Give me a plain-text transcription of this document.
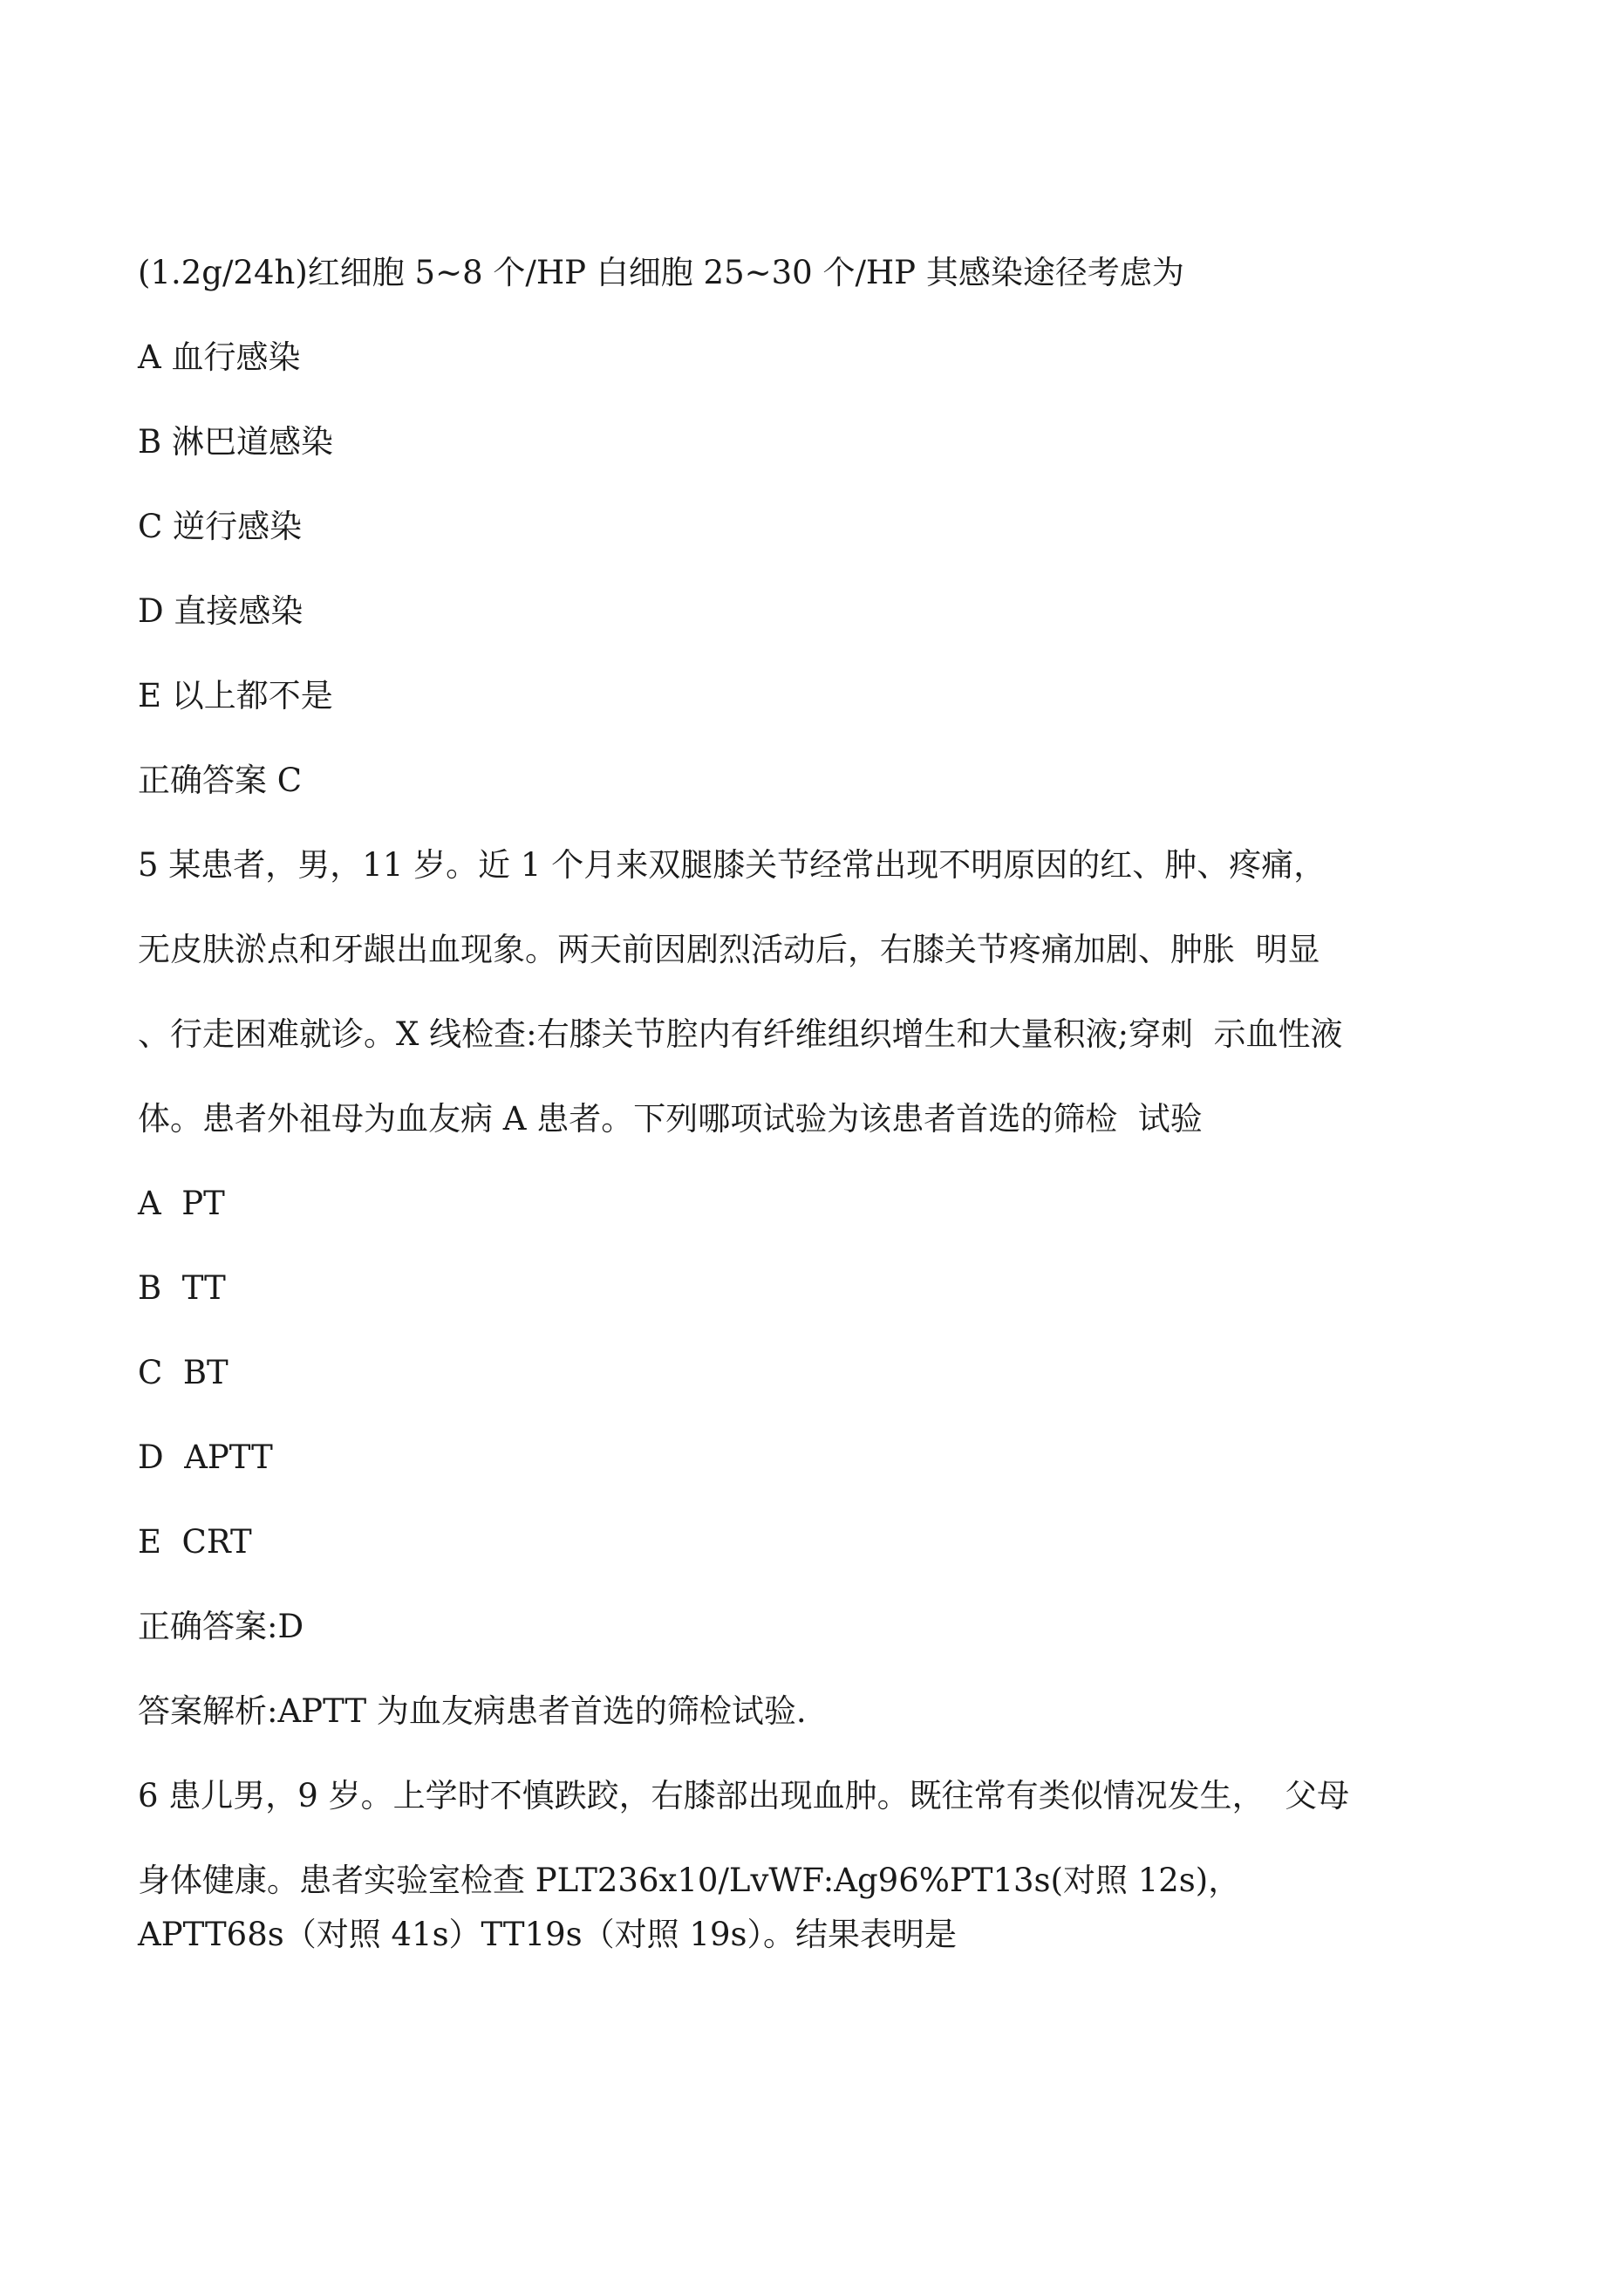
(1.2g/24h)红细胞 5~8 个/HP 白细胞 25~30 个/HP 其感染途径考虑为
A 血行感染
B 淋巴道感染
C 逆行感染
D 直接感染
E 以上都不是
正确答案 C
5 某患者，男，11 岁。近 1 个月来双腿膝关节经常出现不明原因的红、肿、疼痛，
无皮肤淤点和牙龈出血现象。两天前因剧烈活动后，右膝关节疼痛加剧、肿胀  明显
、行走困难就诊。X 线检查:右膝关节腔内有纤维组织增生和大量积液;穿刺  示血性液
体。患者外祖母为血友病 A 患者。下列哪项试验为该患者首选的筛检  试验
A  PT
B  TT
C  BT
D  APTT
E  CRT
正确答案:D
答案解析:APTT 为血友病患者首选的筛检试验.
6 患儿男，9 岁。上学时不慎跌跤，右膝部出现血肿。既往常有类似情况发生，  父母
身体健康。患者实验室检查 PLT236x10/LvWF:Ag96%PT13s(对照 12s)，
APTT68s（对照 41s）TT19s（对照 19s）。结果表明是
